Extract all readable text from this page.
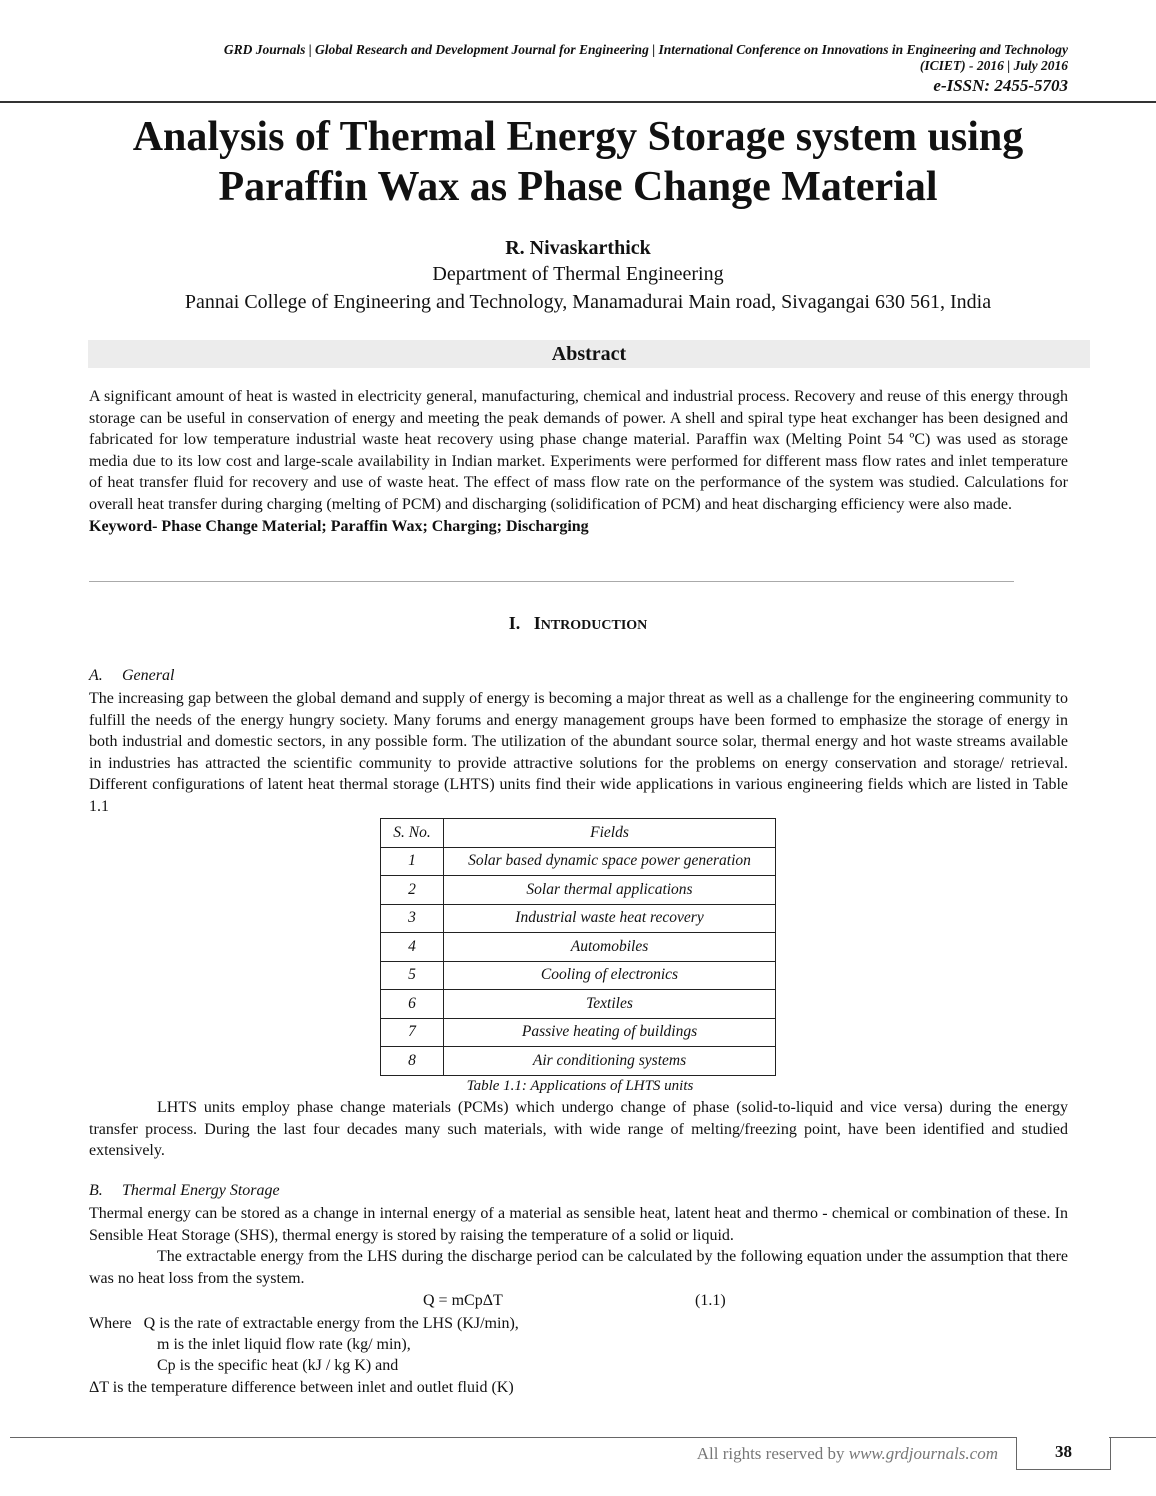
GRD Journals | Global Research and Development Journal for Engineering | International Conference on Innovations in Engineering and Technology
(ICIET) - 2016 | July 2016
e-ISSN: 2455-5703
Analysis of Thermal Energy Storage system using Paraffin Wax as Phase Change Material
R. Nivaskarthick
Department of Thermal Engineering
Pannai College of Engineering and Technology, Manamadurai Main road, Sivagangai 630 561, India
Abstract

A significant amount of heat is wasted in electricity general, manufacturing, chemical and industrial process. Recovery and reuse of this energy through storage can be useful in conservation of energy and meeting the peak demands of power. A shell and spiral type heat exchanger has been designed and fabricated for low temperature industrial waste heat recovery using phase change material. Paraffin wax (Melting Point 54 ºC) was used as storage media due to its low cost and large-scale availability in Indian market. Experiments were performed for different mass flow rates and inlet temperature of heat transfer fluid for recovery and use of waste heat. The effect of mass flow rate on the performance of the system was studied. Calculations for overall heat transfer during charging (melting of PCM) and discharging (solidification of PCM) and heat discharging efficiency were also made.
Keyword- Phase Change Material; Paraffin Wax; Charging; Discharging

I. INTRODUCTION
A. General

The increasing gap between the global demand and supply of energy is becoming a major threat as well as a challenge for the engineering community to fulfill the needs of the energy hungry society. Many forums and energy management groups have been formed to emphasize the storage of energy in both industrial and domestic sectors, in any possible form. The utilization of the abundant source solar, thermal energy and hot waste streams available in industries has attracted the scientific community to provide attractive solutions for the problems on energy conservation and storage/ retrieval. Different configurations of latent heat thermal storage (LHTS) units find their wide applications in various engineering fields which are listed in Table 1.1

S. No.	Fields
1	Solar based dynamic space power generation
2	Solar thermal applications
3	Industrial waste heat recovery
4	Automobiles
5	Cooling of electronics
6	Textiles
7	Passive heating of buildings
8	Air conditioning systems
Table 1.1: Applications of LHTS units

LHTS units employ phase change materials (PCMs) which undergo change of phase (solid-to-liquid and vice versa) during the energy transfer process. During the last four decades many such materials, with wide range of melting/freezing point, have been identified and studied extensively.

B. Thermal Energy Storage

Thermal energy can be stored as a change in internal energy of a material as sensible heat, latent heat and thermo - chemical or combination of these. In Sensible Heat Storage (SHS), thermal energy is stored by raising the temperature of a solid or liquid.

The extractable energy from the LHS during the discharge period can be calculated by the following equation under the assumption that there was no heat loss from the system.

Q = mCpΔT	(1.1)
Where   Q is the rate of extractable energy from the LHS (KJ/min),
m is the inlet liquid flow rate (kg/ min),
Cp is the specific heat (kJ / kg K) and
ΔT is the temperature difference between inlet and outlet fluid (K)
All rights reserved by www.grdjournals.com	38
